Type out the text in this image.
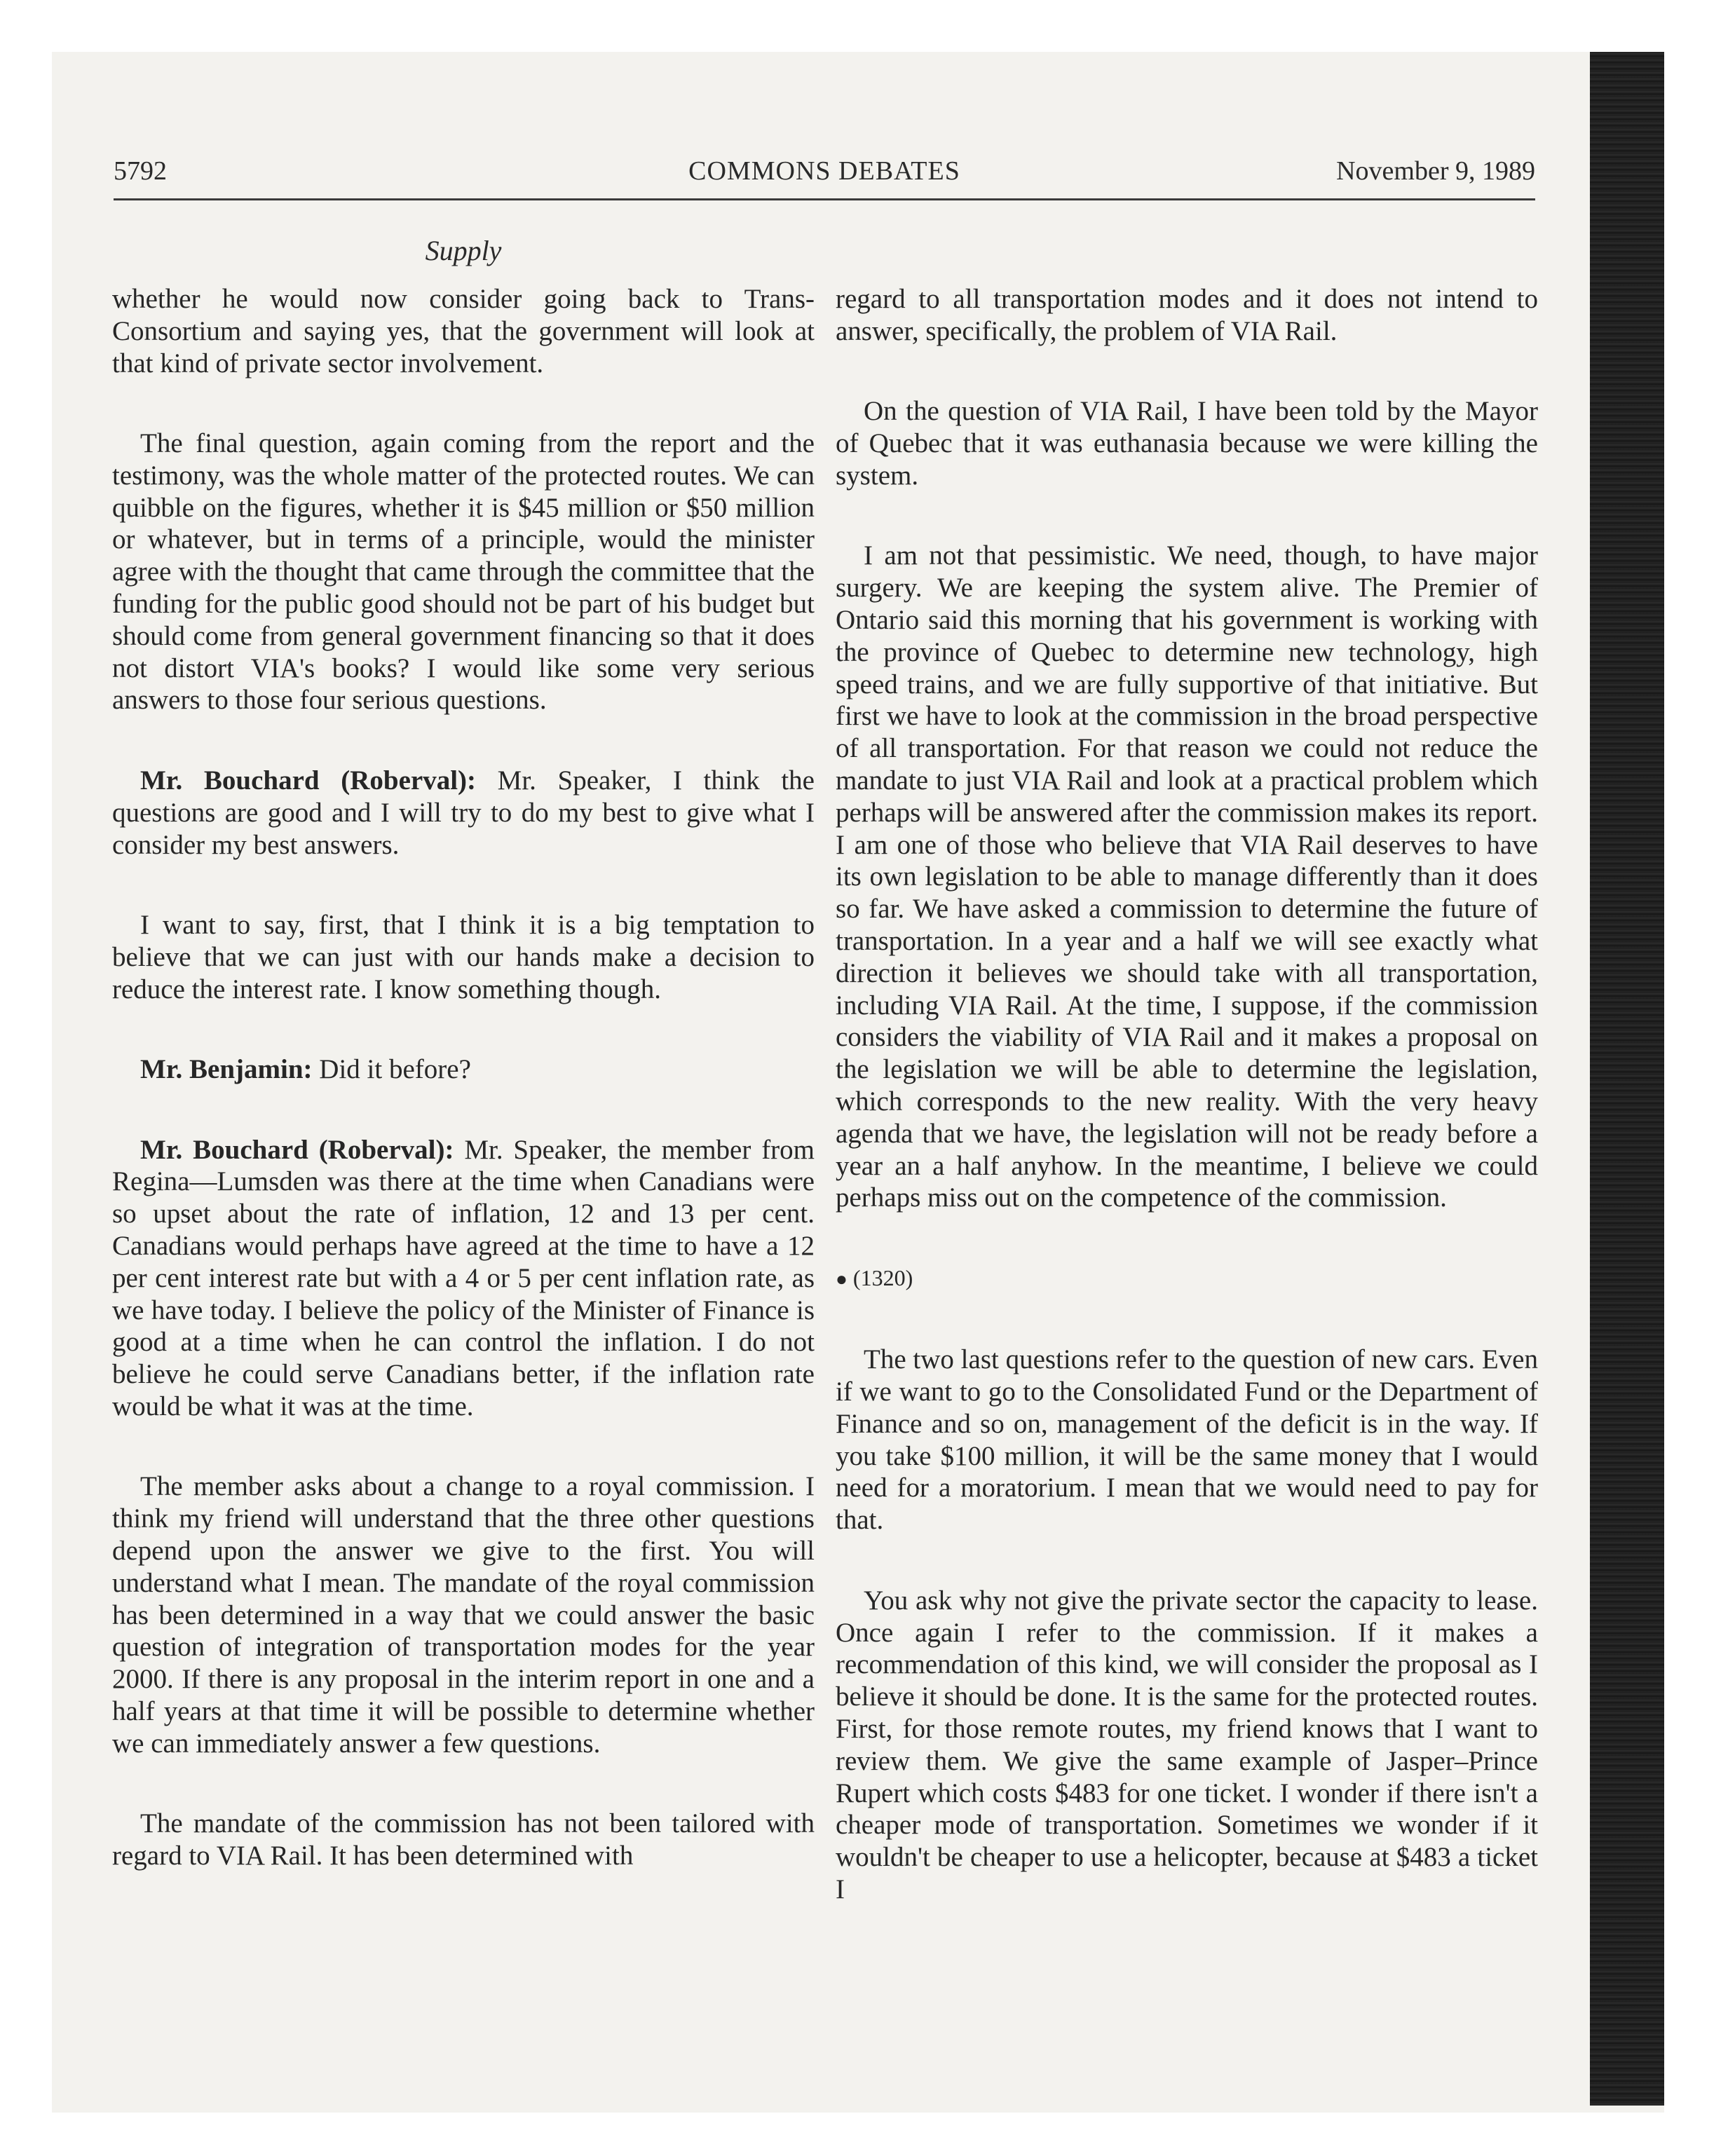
5792	COMMONS DEBATES	November 9, 1989
Supply

whether he would now consider going back to Trans-Consortium and saying yes, that the government will look at that kind of private sector involvement.

The final question, again coming from the report and the testimony, was the whole matter of the protected routes. We can quibble on the figures, whether it is $45 million or $50 million or whatever, but in terms of a principle, would the minister agree with the thought that came through the committee that the funding for the public good should not be part of his budget but should come from general government financing so that it does not distort VIA's books? I would like some very serious answers to those four serious questions.

Mr. Bouchard (Roberval): Mr. Speaker, I think the questions are good and I will try to do my best to give what I consider my best answers.

I want to say, first, that I think it is a big temptation to believe that we can just with our hands make a decision to reduce the interest rate. I know something though.

Mr. Benjamin: Did it before?

Mr. Bouchard (Roberval): Mr. Speaker, the member from Regina—Lumsden was there at the time when Canadians were so upset about the rate of inflation, 12 and 13 per cent. Canadians would perhaps have agreed at the time to have a 12 per cent interest rate but with a 4 or 5 per cent inflation rate, as we have today. I believe the policy of the Minister of Finance is good at a time when he can control the inflation. I do not believe he could serve Canadians better, if the inflation rate would be what it was at the time.

The member asks about a change to a royal commission. I think my friend will understand that the three other questions depend upon the answer we give to the first. You will understand what I mean. The mandate of the royal commission has been determined in a way that we could answer the basic question of integration of transportation modes for the year 2000. If there is any proposal in the interim report in one and a half years at that time it will be possible to determine whether we can immediately answer a few questions.

The mandate of the commission has not been tailored with regard to VIA Rail. It has been determined with

regard to all transportation modes and it does not intend to answer, specifically, the problem of VIA Rail.

On the question of VIA Rail, I have been told by the Mayor of Quebec that it was euthanasia because we were killing the system.

I am not that pessimistic. We need, though, to have major surgery. We are keeping the system alive. The Premier of Ontario said this morning that his government is working with the province of Quebec to determine new technology, high speed trains, and we are fully supportive of that initiative. But first we have to look at the commission in the broad perspective of all transportation. For that reason we could not reduce the mandate to just VIA Rail and look at a practical problem which perhaps will be answered after the commission makes its report. I am one of those who believe that VIA Rail deserves to have its own legislation to be able to manage differently than it does so far. We have asked a commission to determine the future of transportation. In a year and a half we will see exactly what direction it believes we should take with all transportation, including VIA Rail. At the time, I suppose, if the commission considers the viability of VIA Rail and it makes a proposal on the legislation we will be able to determine the legislation, which corresponds to the new reality. With the very heavy agenda that we have, the legislation will not be ready before a year an a half anyhow. In the meantime, I believe we could perhaps miss out on the competence of the commission.

● (1320)

The two last questions refer to the question of new cars. Even if we want to go to the Consolidated Fund or the Department of Finance and so on, management of the deficit is in the way. If you take $100 million, it will be the same money that I would need for a moratorium. I mean that we would need to pay for that.

You ask why not give the private sector the capacity to lease. Once again I refer to the commission. If it makes a recommendation of this kind, we will consider the proposal as I believe it should be done. It is the same for the protected routes. First, for those remote routes, my friend knows that I want to review them. We give the same example of Jasper–Prince Rupert which costs $483 for one ticket. I wonder if there isn't a cheaper mode of transportation. Sometimes we wonder if it wouldn't be cheaper to use a helicopter, because at $483 a ticket I
